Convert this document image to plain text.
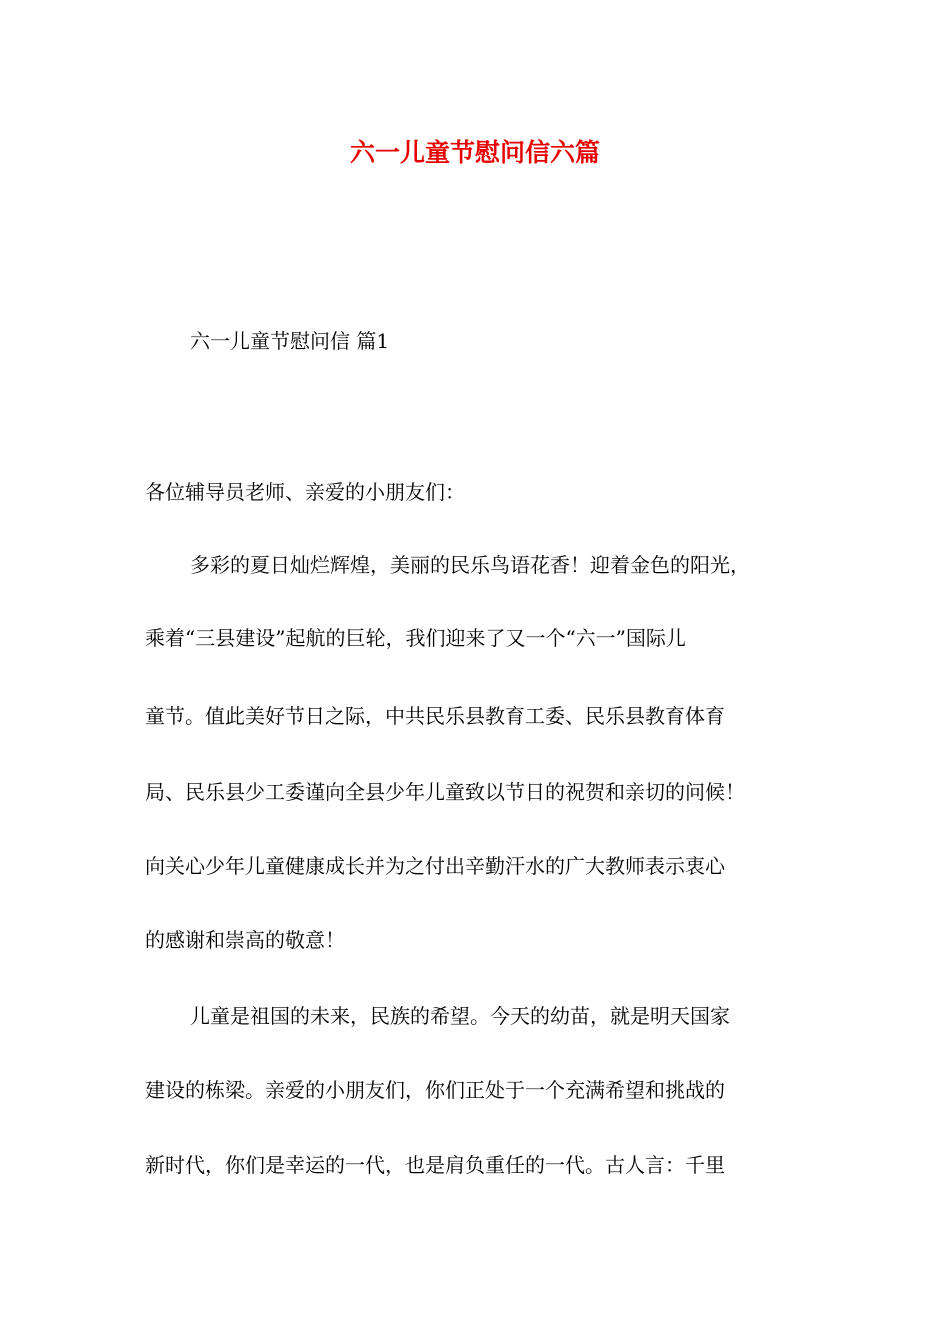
六一儿童节慰问信六篇

六一儿童节慰问信 篇1

各位辅导员老师、亲爱的小朋友们：

多彩的夏日灿烂辉煌，美丽的民乐鸟语花香！迎着金色的阳光，

乘着“三县建设”起航的巨轮，我们迎来了又一个“六一”国际儿

童节。值此美好节日之际，中共民乐县教育工委、民乐县教育体育

局、民乐县少工委谨向全县少年儿童致以节日的祝贺和亲切的问候！

向关心少年儿童健康成长并为之付出辛勤汗水的广大教师表示衷心

的感谢和崇高的敬意！

儿童是祖国的未来，民族的希望。今天的幼苗，就是明天国家

建设的栋梁。亲爱的小朋友们，你们正处于一个充满希望和挑战的

新时代，你们是幸运的一代，也是肩负重任的一代。古人言：千里
